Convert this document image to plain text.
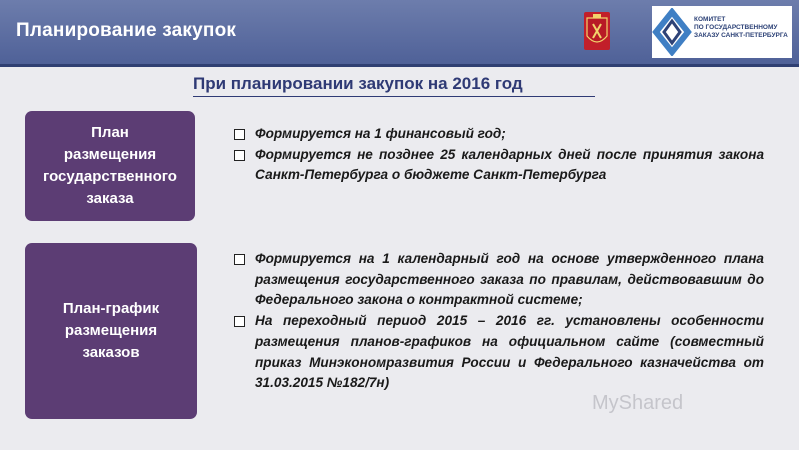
Планирование закупок
КОМИТЕТ
ПО ГОСУДАРСТВЕННОМУ
ЗАКАЗУ САНКТ-ПЕТЕРБУРГА
При планировании закупок на 2016 год
План
размещения
государственного
заказа
Формируется на 1 финансовый год;
Формируется не позднее 25 календарных дней после принятия закона Санкт-Петербурга о бюджете Санкт-Петербурга
План-график
размещения
заказов
Формируется на 1 календарный год на основе утвержденного плана размещения государственного заказа по правилам, действовавшим до Федерального закона о контрактной системе;
На переходный период 2015 – 2016 гг. установлены особенности размещения планов-графиков на официальном сайте (совместный приказ Минэкономразвития России и Федерального казначейства от 31.03.2015 №182/7н)
MyShared
